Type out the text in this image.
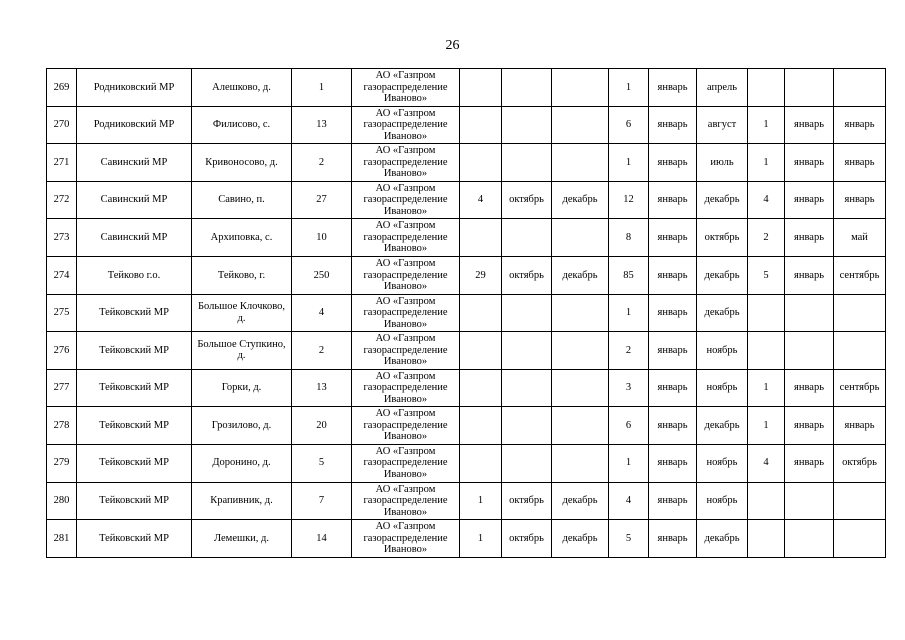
26
269	Родниковский МР	Алешково, д.	1	АО «Газпром газораспределение Иваново»				1	январь	апрель			
270	Родниковский МР	Филисово, с.	13	АО «Газпром газораспределение Иваново»				6	январь	август	1	январь	январь
271	Савинский МР	Кривоносово, д.	2	АО «Газпром газораспределение Иваново»				1	январь	июль	1	январь	январь
272	Савинский МР	Савино, п.	27	АО «Газпром газораспределение Иваново»	4	октябрь	декабрь	12	январь	декабрь	4	январь	январь
273	Савинский МР	Архиповка, с.	10	АО «Газпром газораспределение Иваново»				8	январь	октябрь	2	январь	май
274	Тейково г.о.	Тейково, г.	250	АО «Газпром газораспределение Иваново»	29	октябрь	декабрь	85	январь	декабрь	5	январь	сентябрь
275	Тейковский МР	Большое Клочково, д.	4	АО «Газпром газораспределение Иваново»				1	январь	декабрь			
276	Тейковский МР	Большое Ступкино, д.	2	АО «Газпром газораспределение Иваново»				2	январь	ноябрь			
277	Тейковский МР	Горки, д.	13	АО «Газпром газораспределение Иваново»				3	январь	ноябрь	1	январь	сентябрь
278	Тейковский МР	Грозилово, д.	20	АО «Газпром газораспределение Иваново»				6	январь	декабрь	1	январь	январь
279	Тейковский МР	Доронино, д.	5	АО «Газпром газораспределение Иваново»				1	январь	ноябрь	4	январь	октябрь
280	Тейковский МР	Крапивник, д.	7	АО «Газпром газораспределение Иваново»	1	октябрь	декабрь	4	январь	ноябрь			
281	Тейковский МР	Лемешки, д.	14	АО «Газпром газораспределение Иваново»	1	октябрь	декабрь	5	январь	декабрь			
